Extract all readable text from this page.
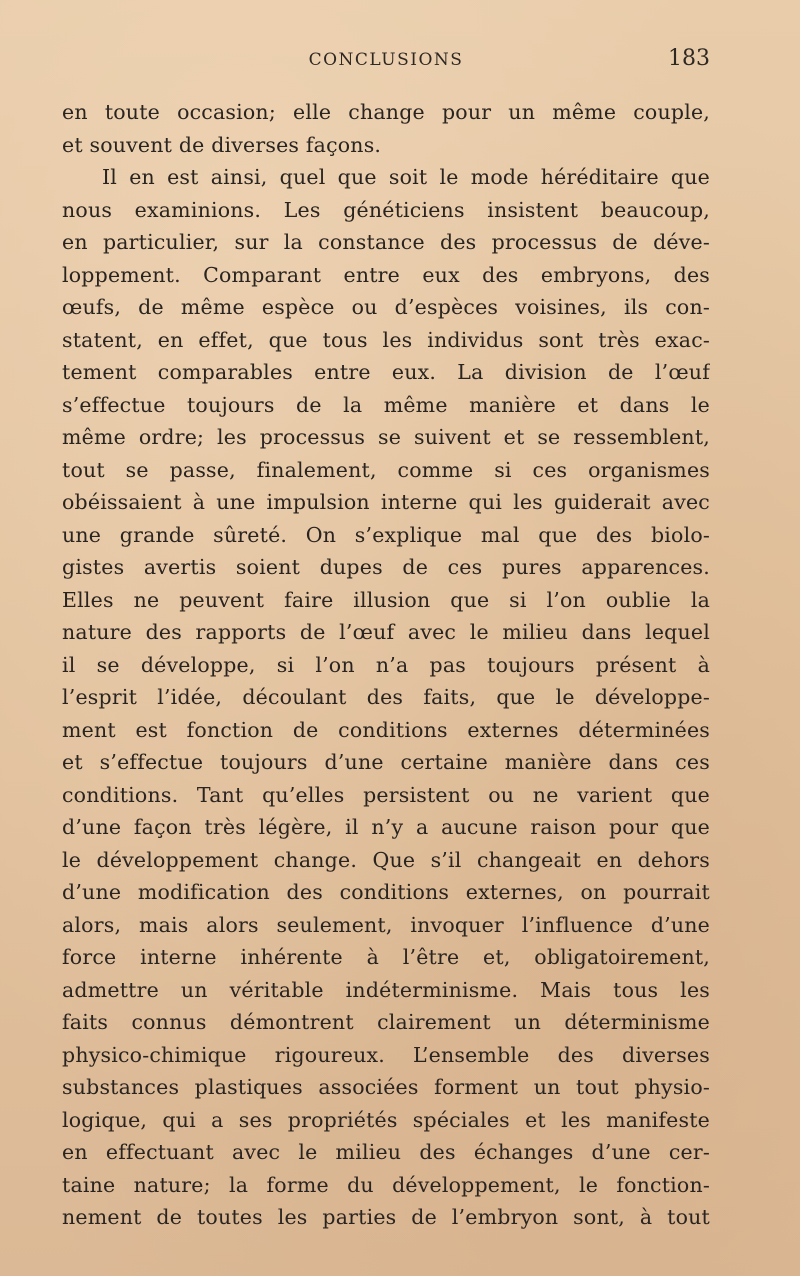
CONCLUSIONS	183
en toute occasion; elle change pour un même couple,
et souvent de diverses façons.
Il en est ainsi, quel que soit le mode héréditaire que
nous examinions. Les généticiens insistent beaucoup,
en particulier, sur la constance des processus de déve-
loppement. Comparant entre eux des embryons, des
œufs, de même espèce ou d’espèces voisines, ils con-
statent, en effet, que tous les individus sont très exac-
tement comparables entre eux. La division de l’œuf
s’effectue toujours de la même manière et dans le
même ordre; les processus se suivent et se ressemblent,
tout se passe, finalement, comme si ces organismes
obéissaient à une impulsion interne qui les guiderait avec
une grande sûreté. On s’explique mal que des biolo-
gistes avertis soient dupes de ces pures apparences.
Elles ne peuvent faire illusion que si l’on oublie la
nature des rapports de l’œuf avec le milieu dans lequel
il se développe, si l’on n’a pas toujours présent à
l’esprit l’idée, découlant des faits, que le développe-
ment est fonction de conditions externes déterminées
et s’effectue toujours d’une certaine manière dans ces
conditions. Tant qu’elles persistent ou ne varient que
d’une façon très légère, il n’y a aucune raison pour que
le développement change. Que s’il changeait en dehors
d’une modification des conditions externes, on pourrait
alors, mais alors seulement, invoquer l’influence d’une
force interne inhérente à l’être et, obligatoirement,
admettre un véritable indéterminisme. Mais tous les
faits connus démontrent clairement un déterminisme
physico-chimique rigoureux. L’ensemble des diverses
substances plastiques associées forment un tout physio-
logique, qui a ses propriétés spéciales et les manifeste
en effectuant avec le milieu des échanges d’une cer-
taine nature; la forme du développement, le fonction-
nement de toutes les parties de l’embryon sont, à tout
